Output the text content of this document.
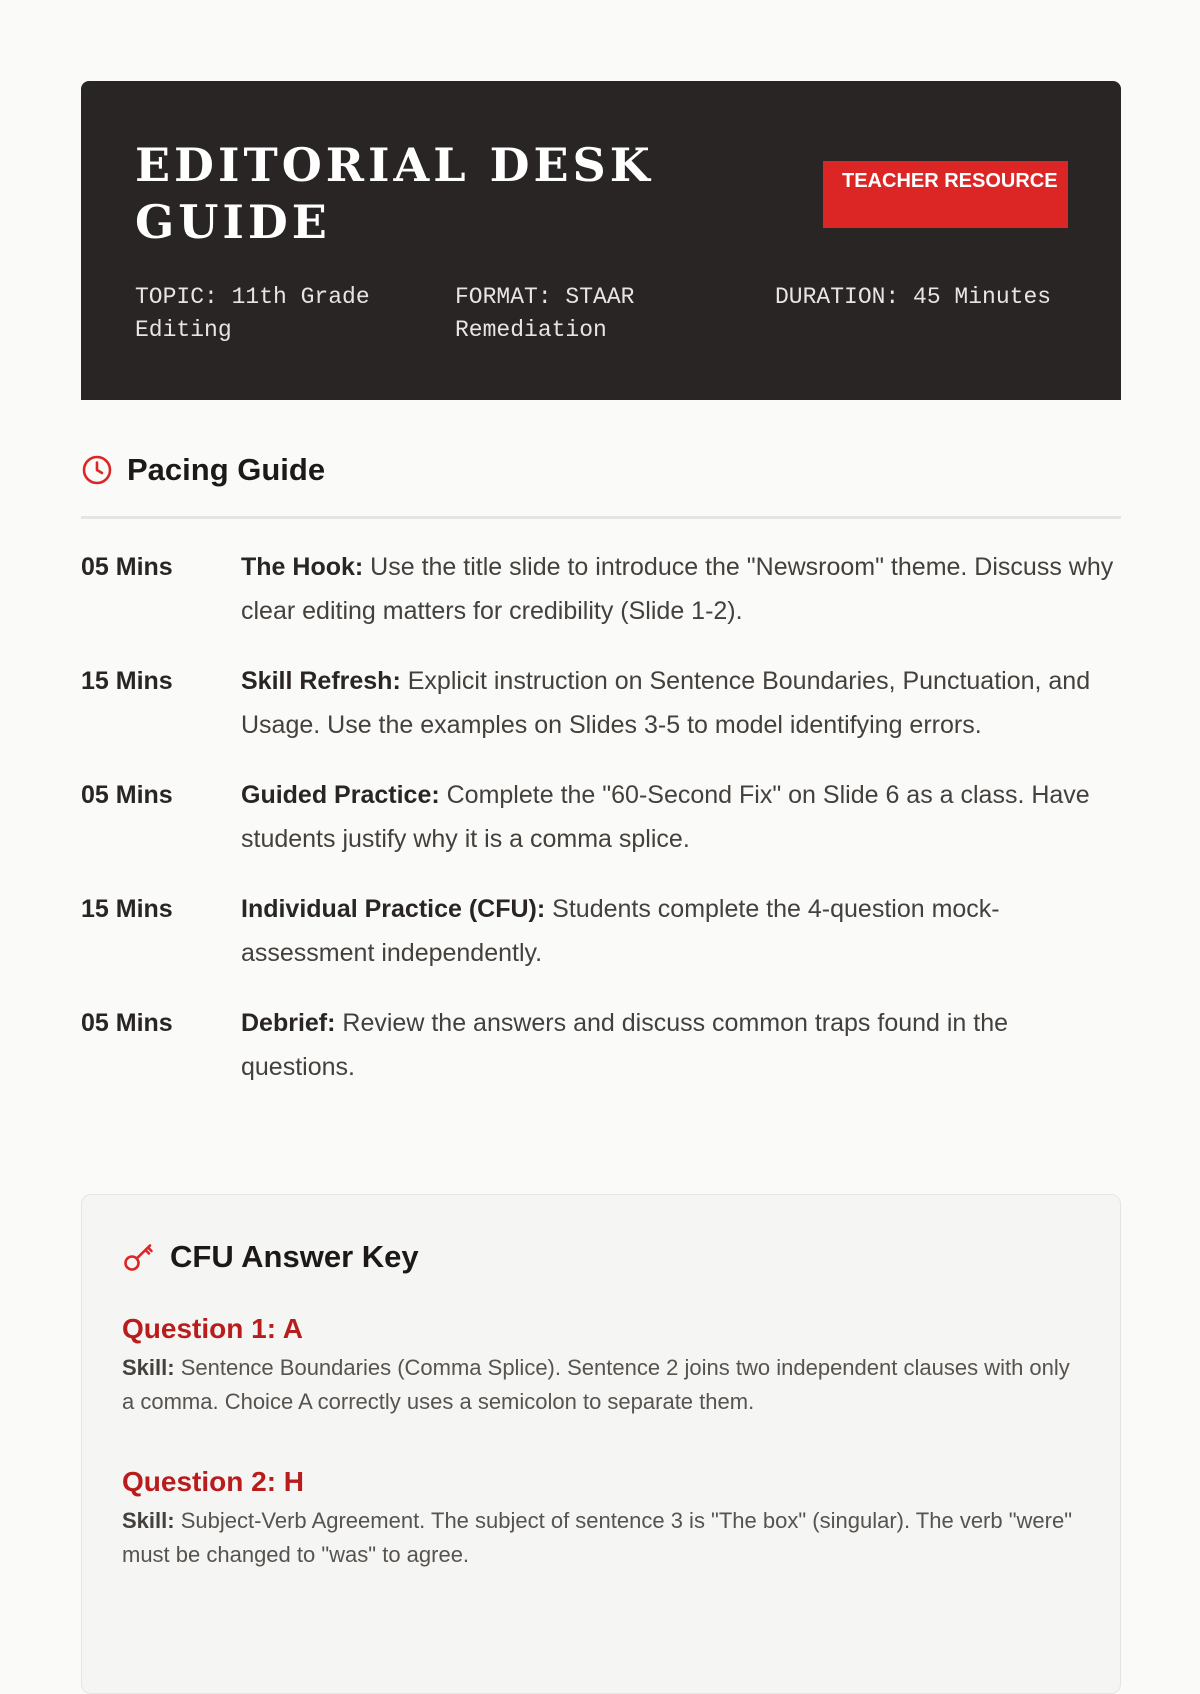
EDITORIAL DESK GUIDE
TEACHER RESOURCE
TOPIC: 11th Grade Editing
FORMAT: STAAR Remediation
DURATION: 45 Minutes
Pacing Guide
05 Mins	The Hook: Use the title slide to introduce the "Newsroom" theme. Discuss why clear editing matters for credibility (Slide 1-2).
15 Mins	Skill Refresh: Explicit instruction on Sentence Boundaries, Punctuation, and Usage. Use the examples on Slides 3-5 to model identifying errors.
05 Mins	Guided Practice: Complete the "60-Second Fix" on Slide 6 as a class. Have students justify why it is a comma splice.
15 Mins	Individual Practice (CFU): Students complete the 4-question mock-assessment independently.
05 Mins	Debrief: Review the answers and discuss common traps found in the questions.
CFU Answer Key
Question 1: A
Skill: Sentence Boundaries (Comma Splice). Sentence 2 joins two independent clauses with only a comma. Choice A correctly uses a semicolon to separate them.
Question 2: H
Skill: Subject-Verb Agreement. The subject of sentence 3 is "The box" (singular). The verb "were" must be changed to "was" to agree.
